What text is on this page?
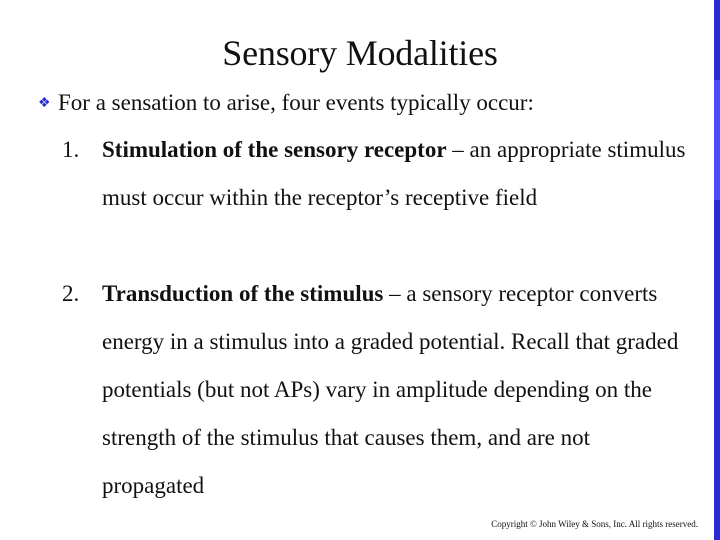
Sensory Modalities
❖ For a sensation to arise, four events typically occur:
1. Stimulation of the sensory receptor – an appropriate stimulus must occur within the receptor’s receptive field
2. Transduction of the stimulus – a sensory receptor converts energy in a stimulus into a graded potential. Recall that graded potentials (but not APs) vary in amplitude depending on the strength of the stimulus that causes them, and are not propagated
Copyright © John Wiley & Sons, Inc. All rights reserved.
